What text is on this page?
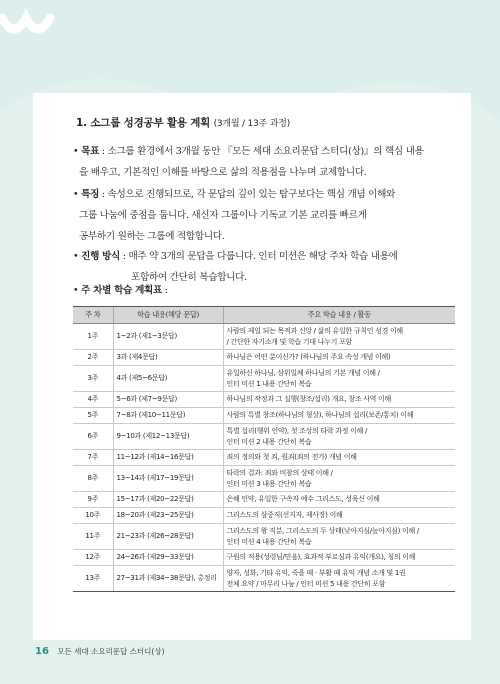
1. 소그룹 성경공부 활용 계획 (3개월 / 13주 과정)
• 목표 : 소그룹 환경에서 3개월 동안 『모든 세대 소요리문답 스터디(상)』의 핵심 내용
을 배우고, 기본적인 이해를 바탕으로 삶의 적용점을 나누며 교제합니다.
• 특징 : 속성으로 진행되므로, 각 문답의 깊이 있는 탐구보다는 핵심 개념 이해와
그룹 나눔에 중점을 둡니다. 새신자 그룹이나 기독교 기본 교리를 빠르게
공부하기 원하는 그룹에 적합합니다.
• 진행 방식 : 매주 약 3개의 문답을 다룹니다. 인터 미션은 해당 주차 학습 내용에
포함하여 간단히 복습합니다.
• 주 차별 학습 계획표 :
주 차	학습 내용(해당 문답)	주요 학습 내용 / 활동
1주	1~2과 (제1~3문답)	사람의 제일 되는 목적과 신앙 / 삶의 유일한 규칙인 성경 이해
/ 간단한 자기소개 및 학습 기대 나누기 포함

2주	3과 (제4문답)	하나님은 어떤 분이신가? (하나님의 주요 속성 개념 이해)

3주	4과 (제5~6문답)	유일하신 하나님, 삼위일체 하나님의 기본 개념 이해 /
인터 미션 1 내용 간단히 복습

4주	5~6과 (제7~9문답)	하나님의 작정과 그 실행(창조/섭리) 개요, 창조 사역 이해

5주	7~8과 (제10~11문답)	사람의 특별 창조(하나님의 형상), 하나님의 섭리(보존/통치) 이해

6주	9~10과 (제12~13문답)	특별 섭리(행위 언약), 첫 조상의 타락 과정 이해 /
인터 미션 2 내용 간단히 복습

7주	11~12과 (제14~16문답)	죄의 정의와 첫 죄, 원죄(죄의 전가) 개념 이해

8주	13~14과 (제17~19문답)	타락의 결과: 죄와 비참의 상태 이해 /
인터 미션 3 내용 간단히 복습

9주	15~17과 (제20~22문답)	은혜 언약, 유일한 구속자 예수 그리스도, 성육신 이해

10주	18~20과 (제23~25문답)	그리스도의 삼중직(선지자, 제사장) 이해

11주	21~23과 (제26~28문답)	그리스도의 왕 직분, 그리스도의 두 상태(낮아지심/높아지심) 이해 /
인터 미션 4 내용 간단히 복습

12주	24~26과 (제29~33문답)	구원의 적용(성령님/믿음), 효과적 부르심과 유익(개요), 칭의 이해

13주	27~31과 (제34~38문답), 총정리	양자, 성화, 기타 유익, 죽을 때 · 부활 때 유익 개념 소개 및 1권
전체 요약 / 마무리 나눔 / 인터 미션 5 내용 간단히 포함
16 모든 세대 소요리문답 스터디(상)
